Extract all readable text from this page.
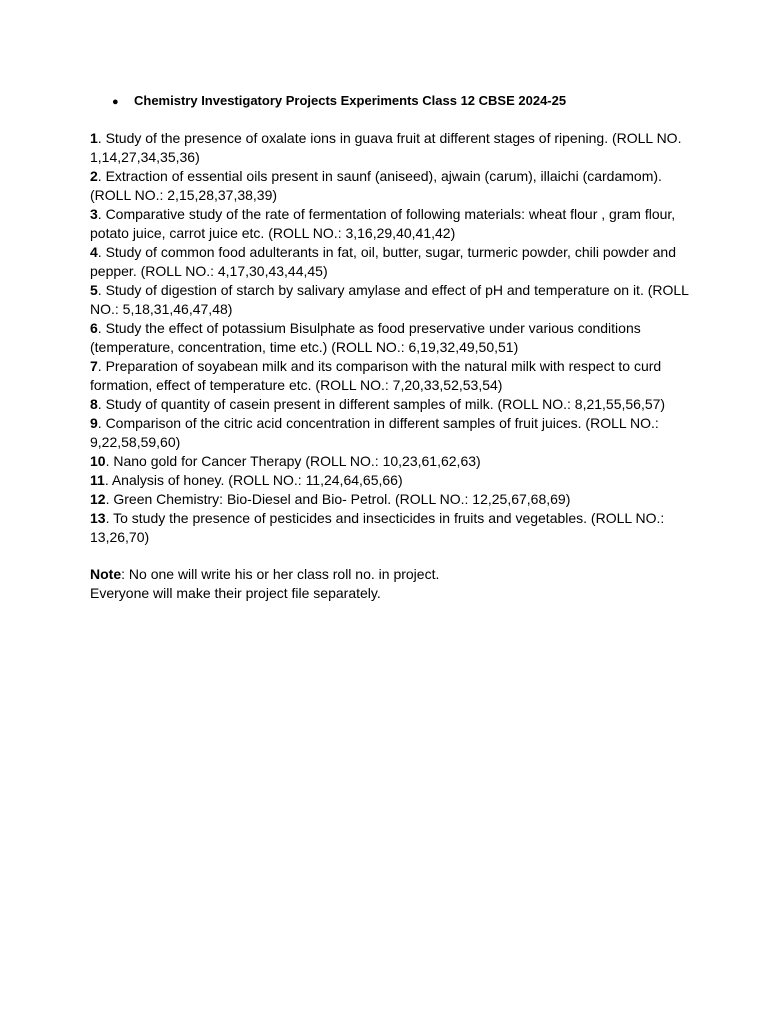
●	Chemistry Investigatory Projects Experiments Class 12 CBSE 2024-25

1. Study of the presence of oxalate ions in guava fruit at different stages of ripening. (ROLL NO. 1,14,27,34,35,36)

2. Extraction of essential oils present in saunf (aniseed), ajwain (carum), illaichi (cardamom). (ROLL NO.: 2,15,28,37,38,39)

3. Comparative study of the rate of fermentation of following materials: wheat flour , gram flour, potato juice, carrot juice etc. (ROLL NO.: 3,16,29,40,41,42)

4. Study of common food adulterants in fat, oil, butter, sugar, turmeric powder, chili powder and pepper. (ROLL NO.: 4,17,30,43,44,45)

5. Study of digestion of starch by salivary amylase and effect of pH and temperature on it. (ROLL NO.: 5,18,31,46,47,48)

6. Study the effect of potassium Bisulphate as food preservative under various conditions (temperature, concentration, time etc.) (ROLL NO.: 6,19,32,49,50,51)

7. Preparation of soyabean milk and its comparison with the natural milk with respect to curd formation, effect of temperature etc. (ROLL NO.: 7,20,33,52,53,54)

8. Study of quantity of casein present in different samples of milk. (ROLL NO.: 8,21,55,56,57)

9. Comparison of the citric acid concentration in different samples of fruit juices. (ROLL NO.: 9,22,58,59,60)

10. Nano gold for Cancer Therapy (ROLL NO.: 10,23,61,62,63)

11. Analysis of honey. (ROLL NO.: 11,24,64,65,66)

12. Green Chemistry: Bio-Diesel and Bio- Petrol. (ROLL NO.: 12,25,67,68,69)

13. To study the presence of pesticides and insecticides in fruits and vegetables. (ROLL NO.: 13,26,70)

Note: No one will write his or her class roll no. in project.

Everyone will make their project file separately.
